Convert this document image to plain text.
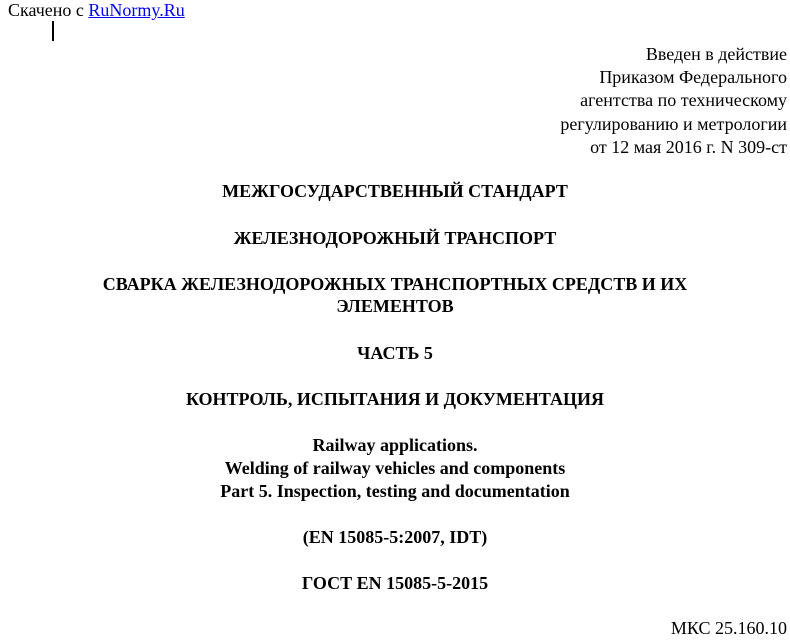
Скачено с RuNormy.Ru
Введен в действие
Приказом Федерального
агентства по техническому
регулированию и метрологии
от 12 мая 2016 г. N 309-ст
МЕЖГОСУДАРСТВЕННЫЙ СТАНДАРТ
ЖЕЛЕЗНОДОРОЖНЫЙ ТРАНСПОРТ
СВАРКА ЖЕЛЕЗНОДОРОЖНЫХ ТРАНСПОРТНЫХ СРЕДСТВ И ИХ
ЭЛЕМЕНТОВ
ЧАСТЬ 5
КОНТРОЛЬ, ИСПЫТАНИЯ И ДОКУМЕНТАЦИЯ
Railway applications.
Welding of railway vehicles and components
Part 5. Inspection, testing and documentation
(EN 15085-5:2007, IDT)
ГОСТ EN 15085-5-2015
МКС 25.160.10
